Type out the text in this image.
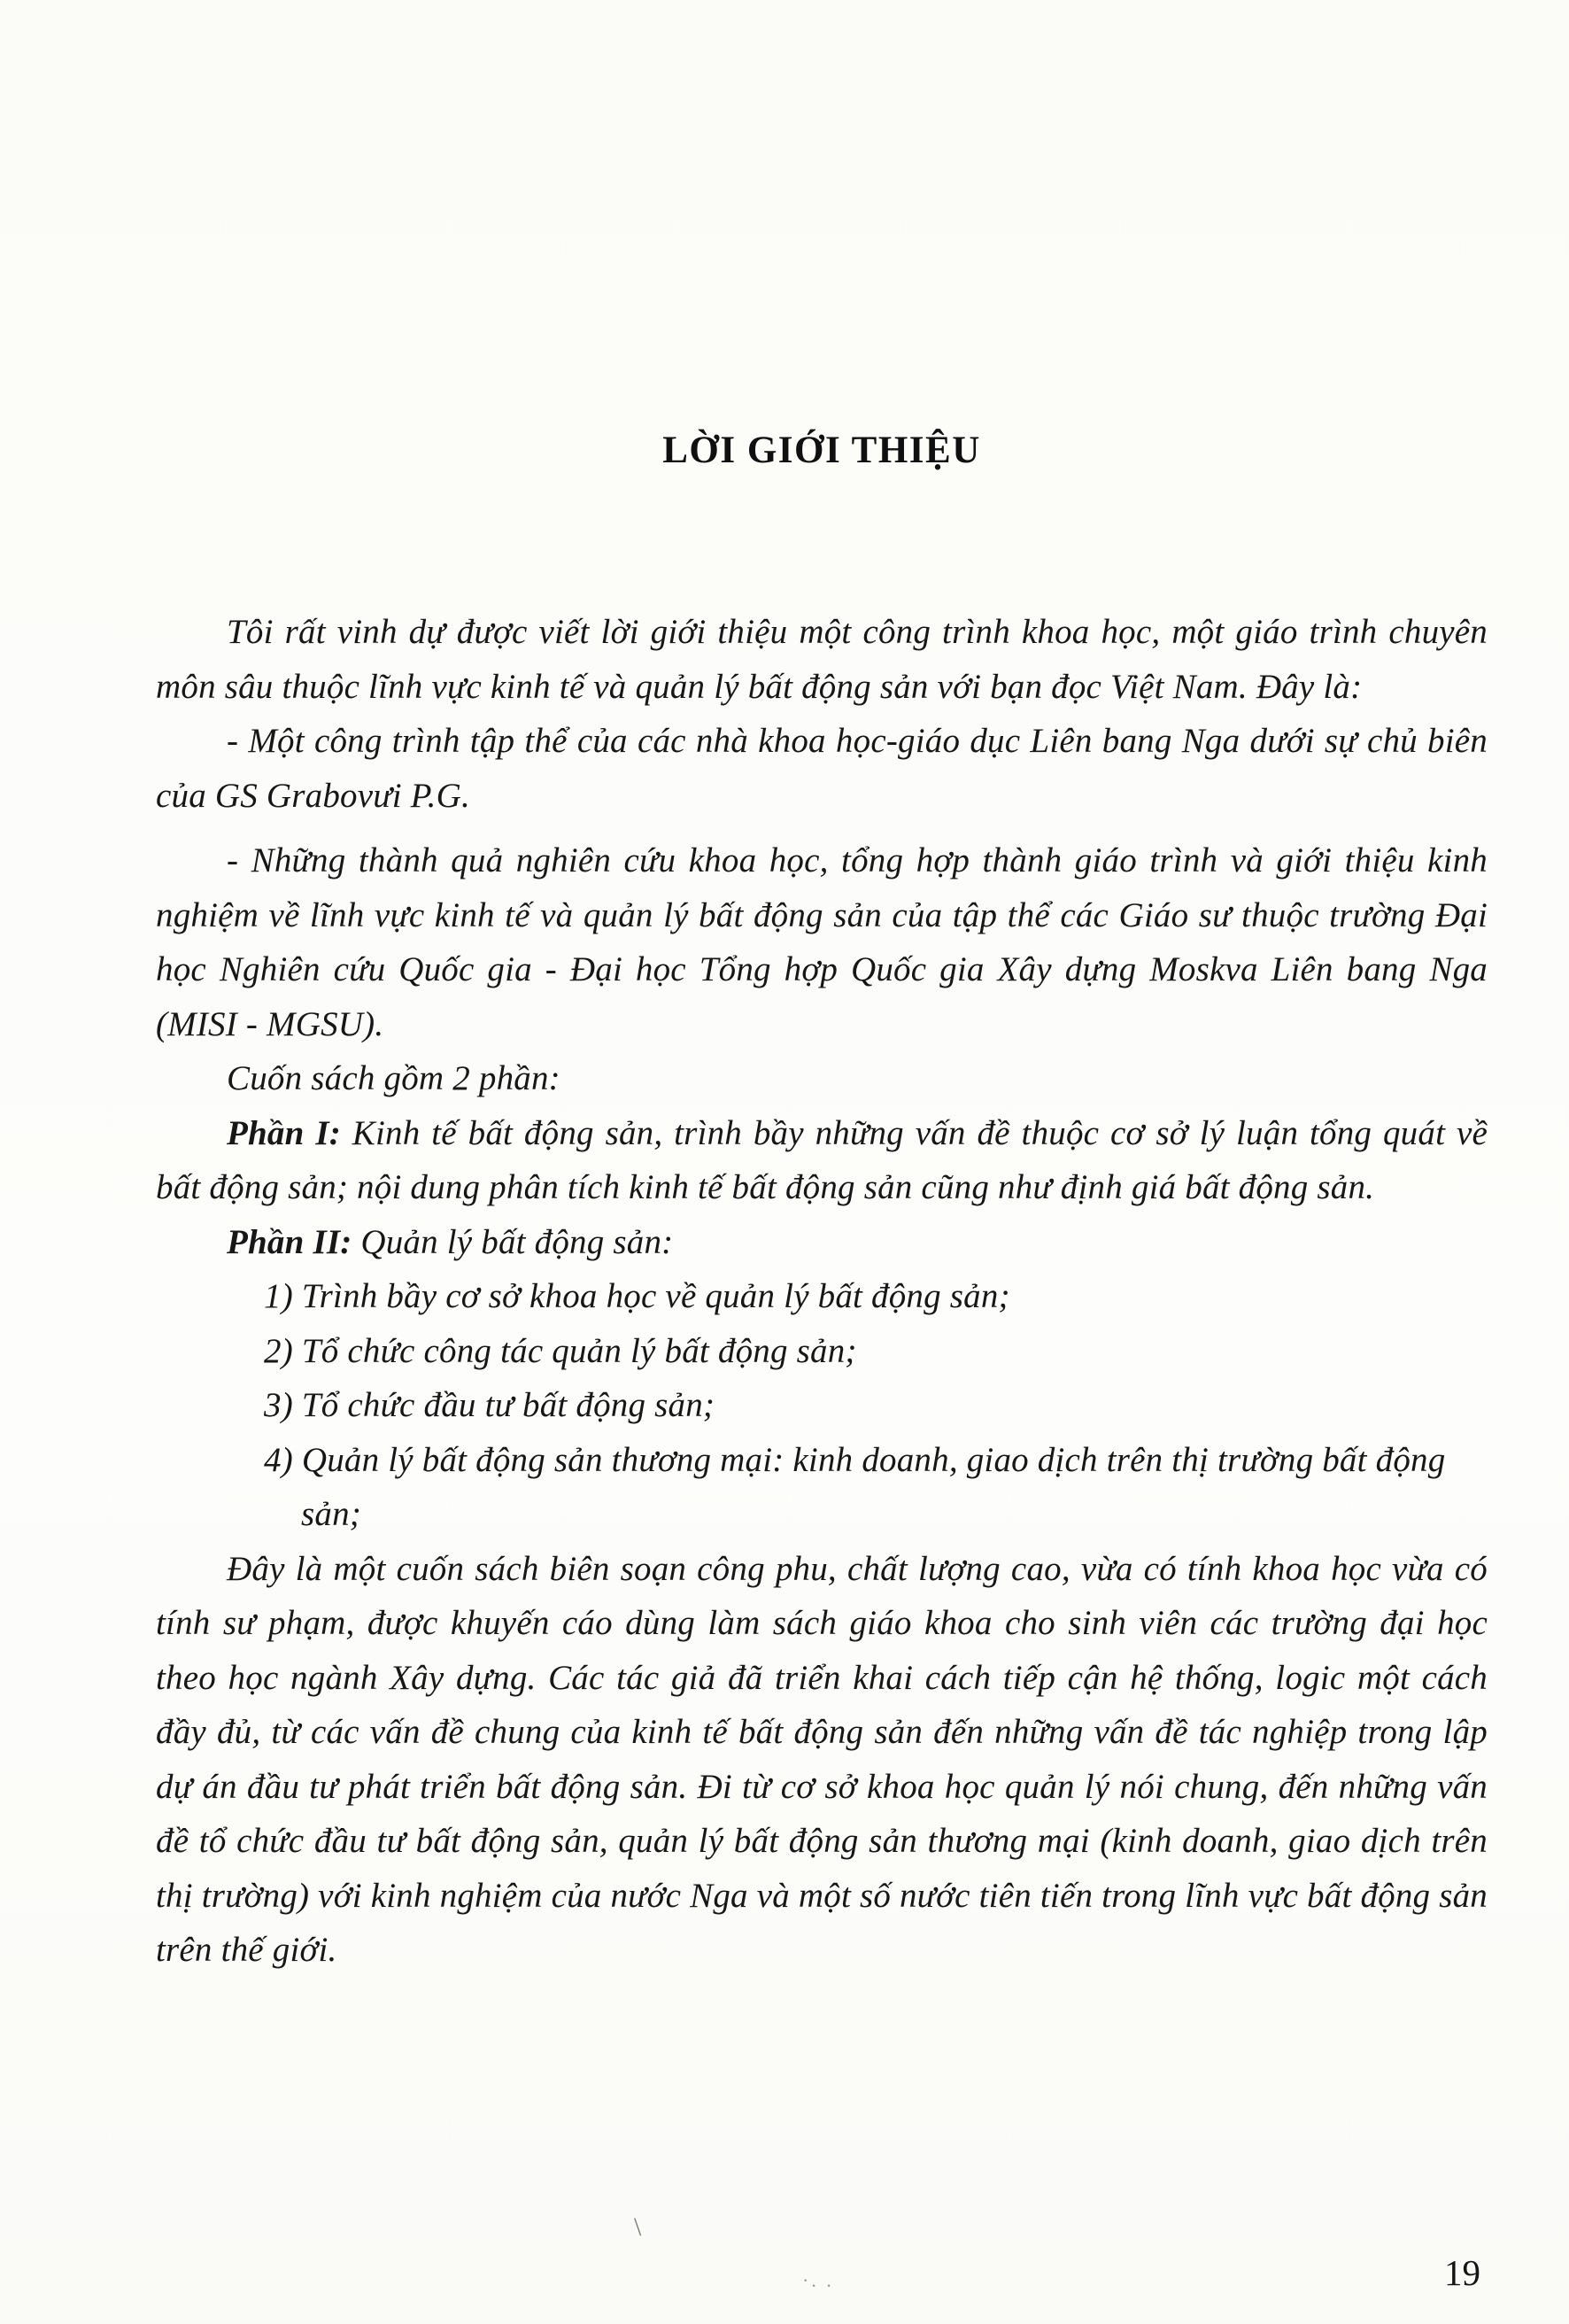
LỜI GIỚI THIỆU

Tôi rất vinh dự được viết lời giới thiệu một công trình khoa học, một giáo trình chuyên môn sâu thuộc lĩnh vực kinh tế và quản lý bất động sản với bạn đọc Việt Nam. Đây là:

- Một công trình tập thể của các nhà khoa học-giáo dục Liên bang Nga dưới sự chủ biên của GS Grabovưi P.G.

- Những thành quả nghiên cứu khoa học, tổng hợp thành giáo trình và giới thiệu kinh nghiệm về lĩnh vực kinh tế và quản lý bất động sản của tập thể các Giáo sư thuộc trường Đại học Nghiên cứu Quốc gia - Đại học Tổng hợp Quốc gia Xây dựng Moskva Liên bang Nga (MISI - MGSU).

Cuốn sách gồm 2 phần:

Phần I: Kinh tế bất động sản, trình bầy những vấn đề thuộc cơ sở lý luận tổng quát về bất động sản; nội dung phân tích kinh tế bất động sản cũng như định giá bất động sản.

Phần II: Quản lý bất động sản:

1) Trình bầy cơ sở khoa học về quản lý bất động sản;

2) Tổ chức công tác quản lý bất động sản;

3) Tổ chức đầu tư bất động sản;

4) Quản lý bất động sản thương mại: kinh doanh, giao dịch trên thị trường bất động sản;

Đây là một cuốn sách biên soạn công phu, chất lượng cao, vừa có tính khoa học vừa có tính sư phạm, được khuyến cáo dùng làm sách giáo khoa cho sinh viên các trường đại học theo học ngành Xây dựng. Các tác giả đã triển khai cách tiếp cận hệ thống, logic một cách đầy đủ, từ các vấn đề chung của kinh tế bất động sản đến những vấn đề tác nghiệp trong lập dự án đầu tư phát triển bất động sản. Đi từ cơ sở khoa học quản lý nói chung, đến những vấn đề tổ chức đầu tư bất động sản, quản lý bất động sản thương mại (kinh doanh, giao dịch trên thị trường) với kinh nghiệm của nước Nga và một số nước tiên tiến trong lĩnh vực bất động sản trên thế giới.

\
·. .	19
